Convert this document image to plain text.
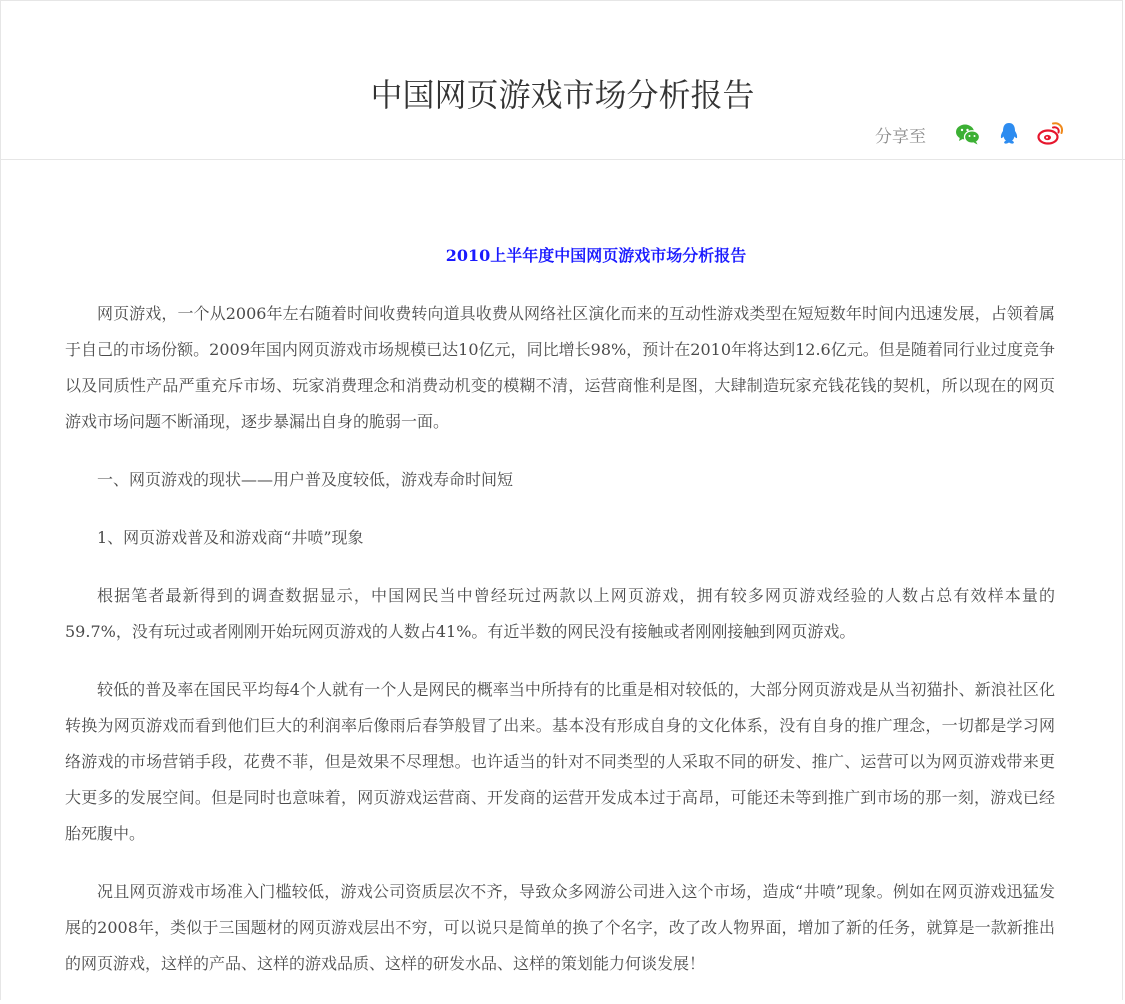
中国网页游戏市场分析报告
分享至
2010上半年度中国网页游戏市场分析报告

网页游戏，一个从2006年左右随着时间收费转向道具收费从网络社区演化而来的互动性游戏类型在短短数年时间内迅速发展，占领着属于自己的市场份额。2009年国内网页游戏市场规模已达10亿元，同比增长98%，预计在2010年将达到12.6亿元。但是随着同行业过度竞争以及同质性产品严重充斥市场、玩家消费理念和消费动机变的模糊不清，运营商惟利是图，大肆制造玩家充钱花钱的契机，所以现在的网页游戏市场问题不断涌现，逐步暴漏出自身的脆弱一面。

一、网页游戏的现状——用户普及度较低，游戏寿命时间短

1、网页游戏普及和游戏商“井喷”现象

根据笔者最新得到的调查数据显示，中国网民当中曾经玩过两款以上网页游戏，拥有较多网页游戏经验的人数占总有效样本量的59.7%，没有玩过或者刚刚开始玩网页游戏的人数占41%。有近半数的网民没有接触或者刚刚接触到网页游戏。

较低的普及率在国民平均每4个人就有一个人是网民的概率当中所持有的比重是相对较低的，大部分网页游戏是从当初猫扑、新浪社区化转换为网页游戏而看到他们巨大的利润率后像雨后春笋般冒了出来。基本没有形成自身的文化体系，没有自身的推广理念，一切都是学习网络游戏的市场营销手段，花费不菲，但是效果不尽理想。也许适当的针对不同类型的人采取不同的研发、推广、运营可以为网页游戏带来更大更多的发展空间。但是同时也意味着，网页游戏运营商、开发商的运营开发成本过于高昂，可能还未等到推广到市场的那一刻，游戏已经胎死腹中。

况且网页游戏市场准入门槛较低，游戏公司资质层次不齐，导致众多网游公司进入这个市场，造成“井喷”现象。例如在网页游戏迅猛发展的2008年，类似于三国题材的网页游戏层出不穷，可以说只是简单的换了个名字，改了改人物界面，增加了新的任务，就算是一款新推出的网页游戏，这样的产品、这样的游戏品质、这样的研发水品、这样的策划能力何谈发展！
